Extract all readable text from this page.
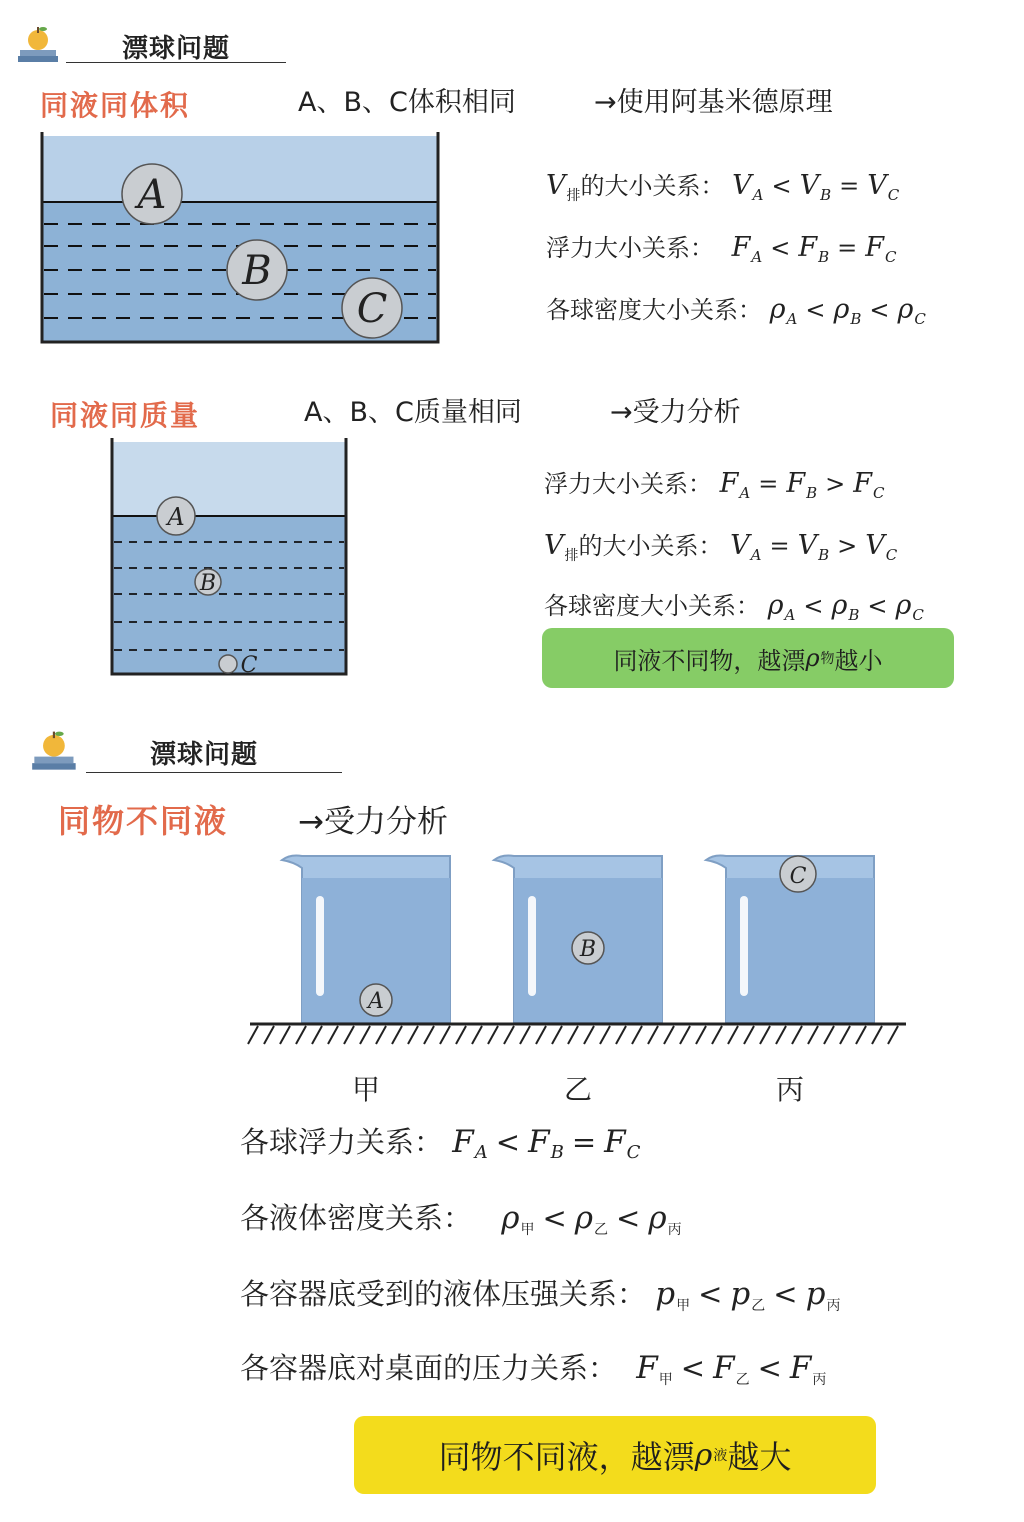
漂球问题
同液同体积	A、B、C体积相同	→使用阿基米德原理
A
B
C
$V_排$的大小关系： $V_A < V_B = V_C$
浮力大小关系： $F_A < F_B = F_C$
各球密度大小关系： $\rho_A < \rho_B < \rho_C$
同液同质量	A、B、C质量相同	→受力分析
A
B
C
浮力大小关系： $F_A = F_B > F_C$
$V_排$的大小关系： $V_A = V_B > V_C$
各球密度大小关系： $\rho_A < \rho_B < \rho_C$
同液不同物，越漂 ρ 物 越小
漂球问题
同物不同液 →受力分析
A
B
C
甲	乙	丙
各球浮力关系： $F_A < F_B = F_C$
各液体密度关系： $\rho_甲 < \rho_乙 < \rho_丙$
各容器底受到的液体压强关系： $p_甲 < p_乙 < p_丙$
各容器底对桌面的压力关系： $F_甲 < F_乙 < F_丙$
同物不同液，越漂 ρ 液 越大
